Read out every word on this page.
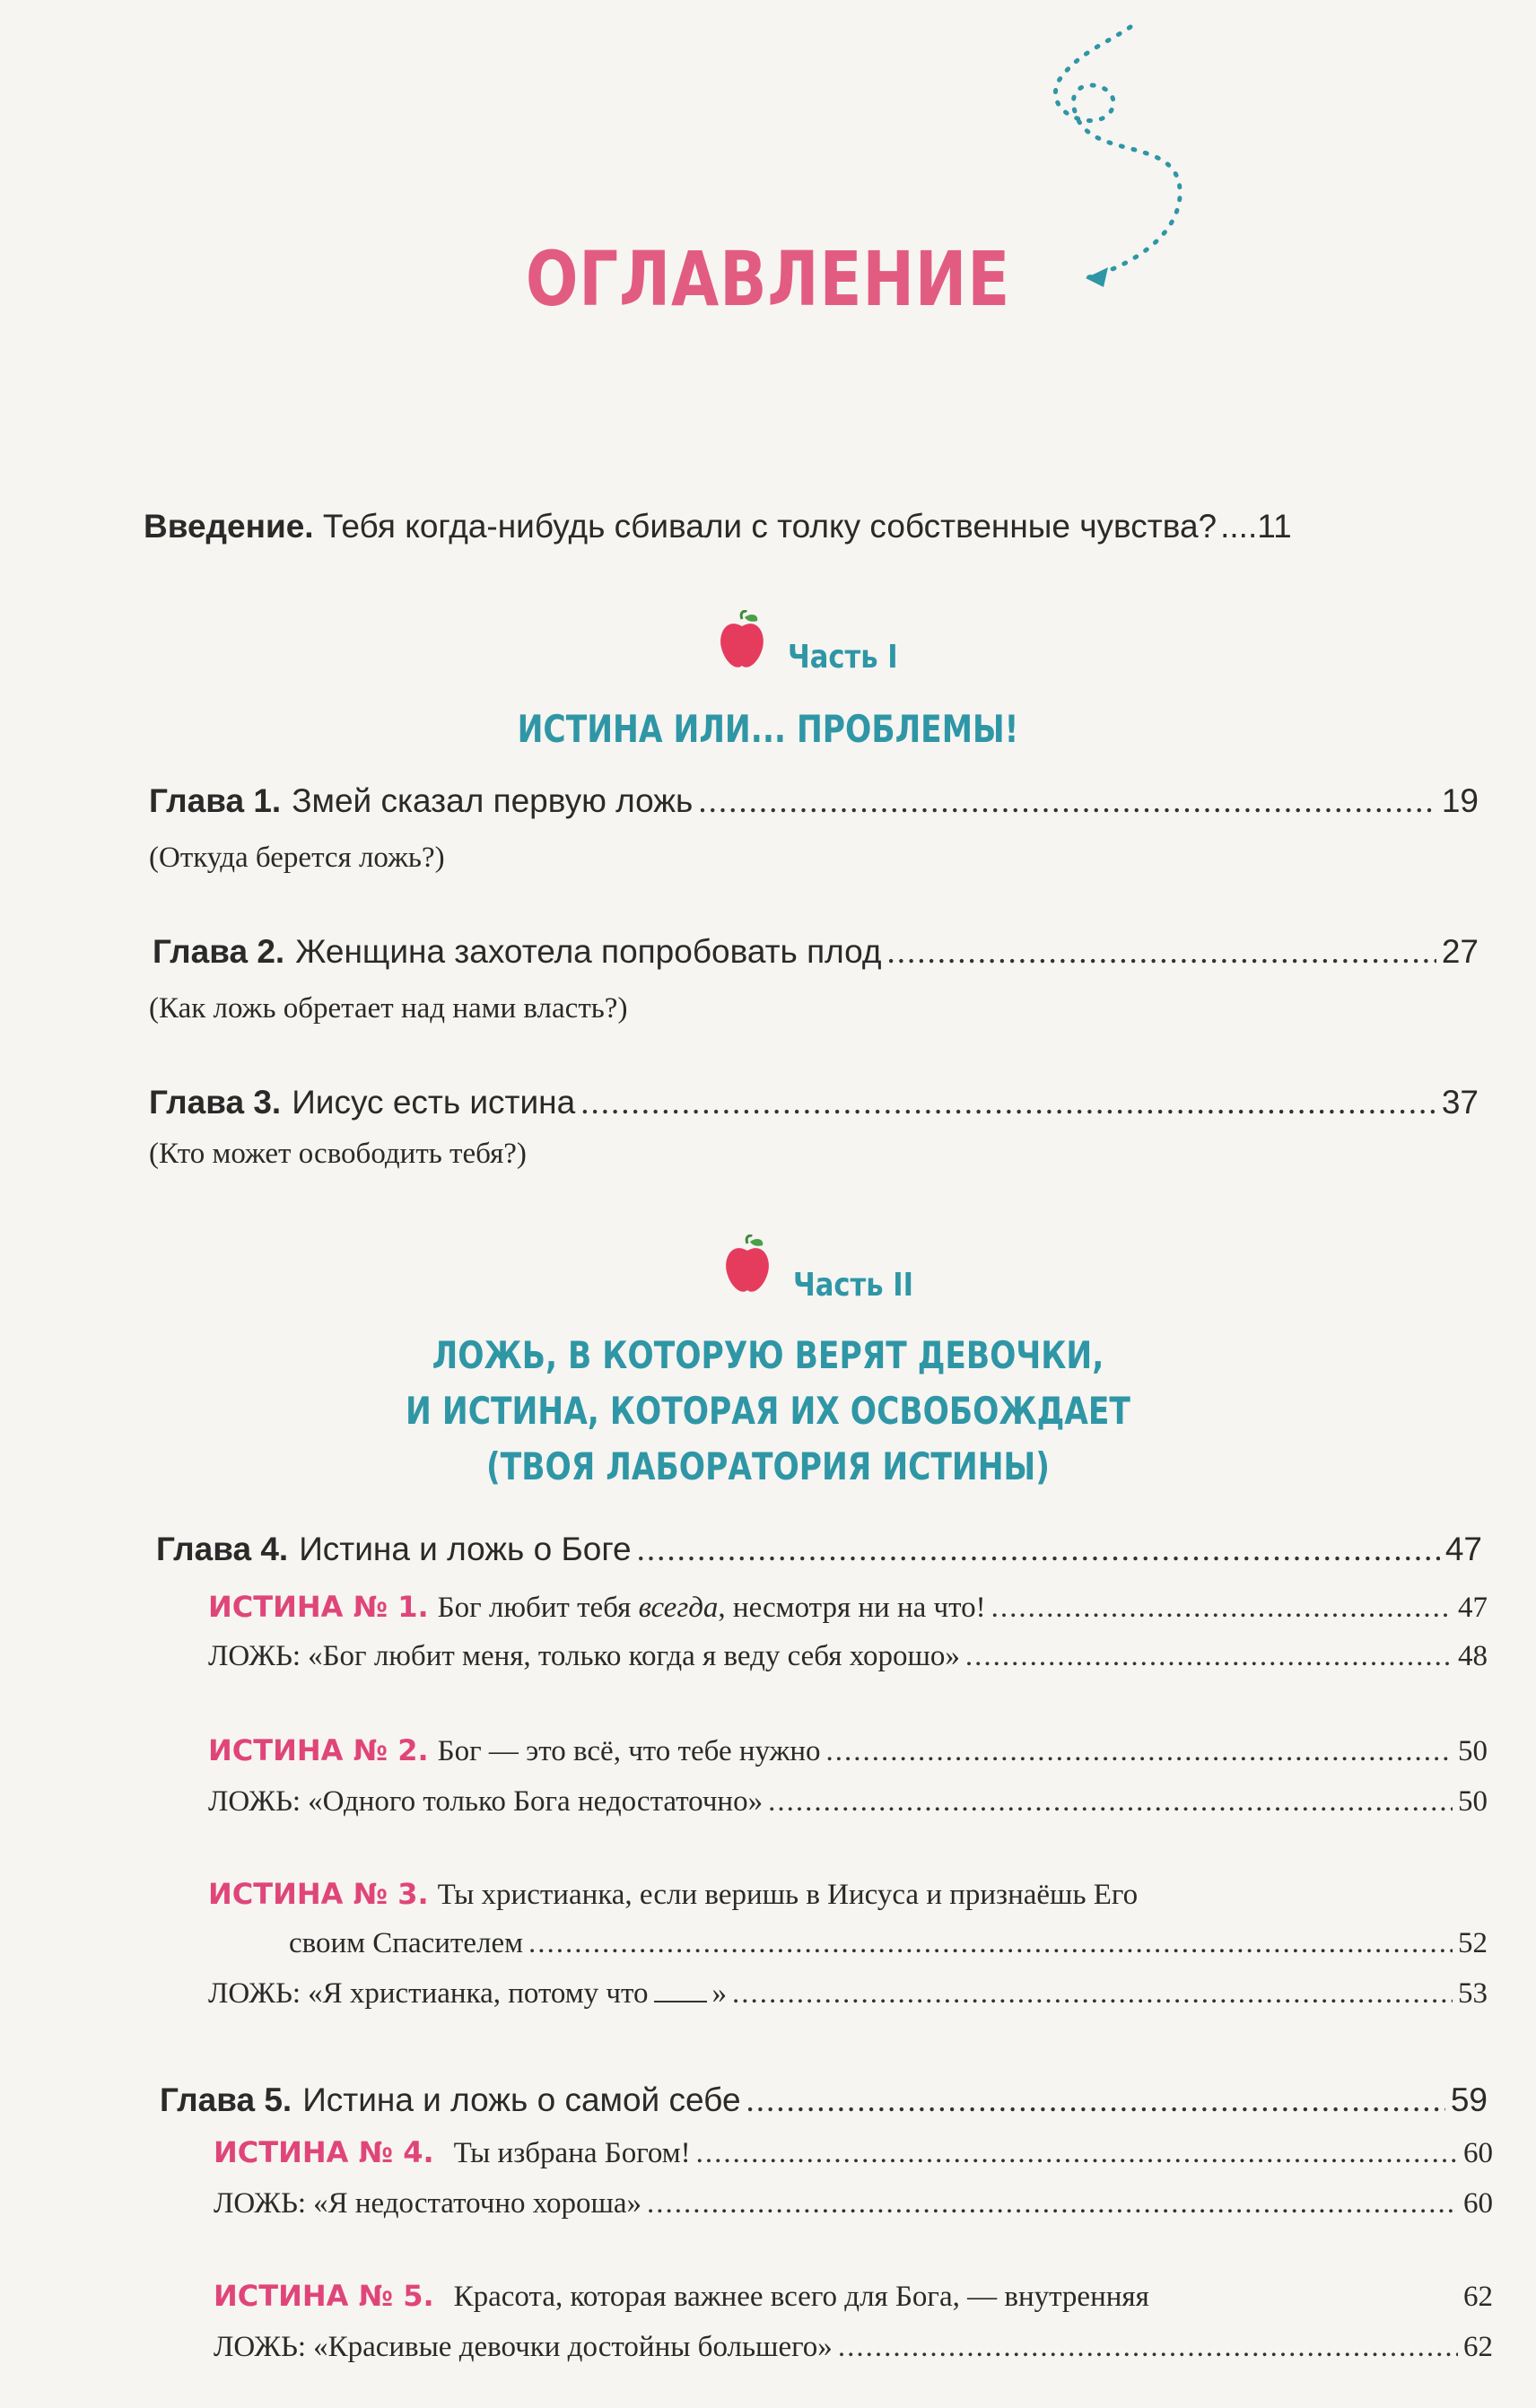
ОГЛАВЛЕНИЕ
Введение.
Тебя когда-нибудь сбивали с толку собственные чувства? .... 11
Часть I
ИСТИНА ИЛИ... ПРОБЛЕМЫ!
Глава 1. Змей сказал первую ложь .....	19
(Откуда берется ложь?)
Глава 2. Женщина захотела попробовать плод .....	27
(Как ложь обретает над нами власть?)
Глава 3. Иисус есть истина .....	37
(Кто может освободить тебя?)
Часть II
ЛОЖЬ, В КОТОРУЮ ВЕРЯТ ДЕВОЧКИ,
И ИСТИНА, КОТОРАЯ ИХ ОСВОБОЖДАЕТ
(ТВОЯ ЛАБОРАТОРИЯ ИСТИНЫ)
Глава 4. Истина и ложь о Боге .....	47
ИСТИНА № 1. Бог любит тебя всегда , несмотря ни на что! .....	47
ЛОЖЬ: «Бог любит меня, только когда я веду себя хорошо» .....	48
ИСТИНА № 2. Бог — это всё, что тебе нужно .....	50
ЛОЖЬ: «Одного только Бога недостаточно» .....	50
ИСТИНА № 3. Ты христианка, если веришь в Иисуса и признаёшь Его
своим Спасителем .....	52
ЛОЖЬ: «Я христианка, потому что » .....	53
Глава 5. Истина и ложь о самой себе .....	59
ИСТИНА № 4. Ты избрана Богом! .....	60
ЛОЖЬ: «Я недостаточно хороша» .....	60
ИСТИНА № 5. Красота, которая важнее всего для Бога, — внутренняя	62
ЛОЖЬ: «Красивые девочки достойны большего» .....	62
